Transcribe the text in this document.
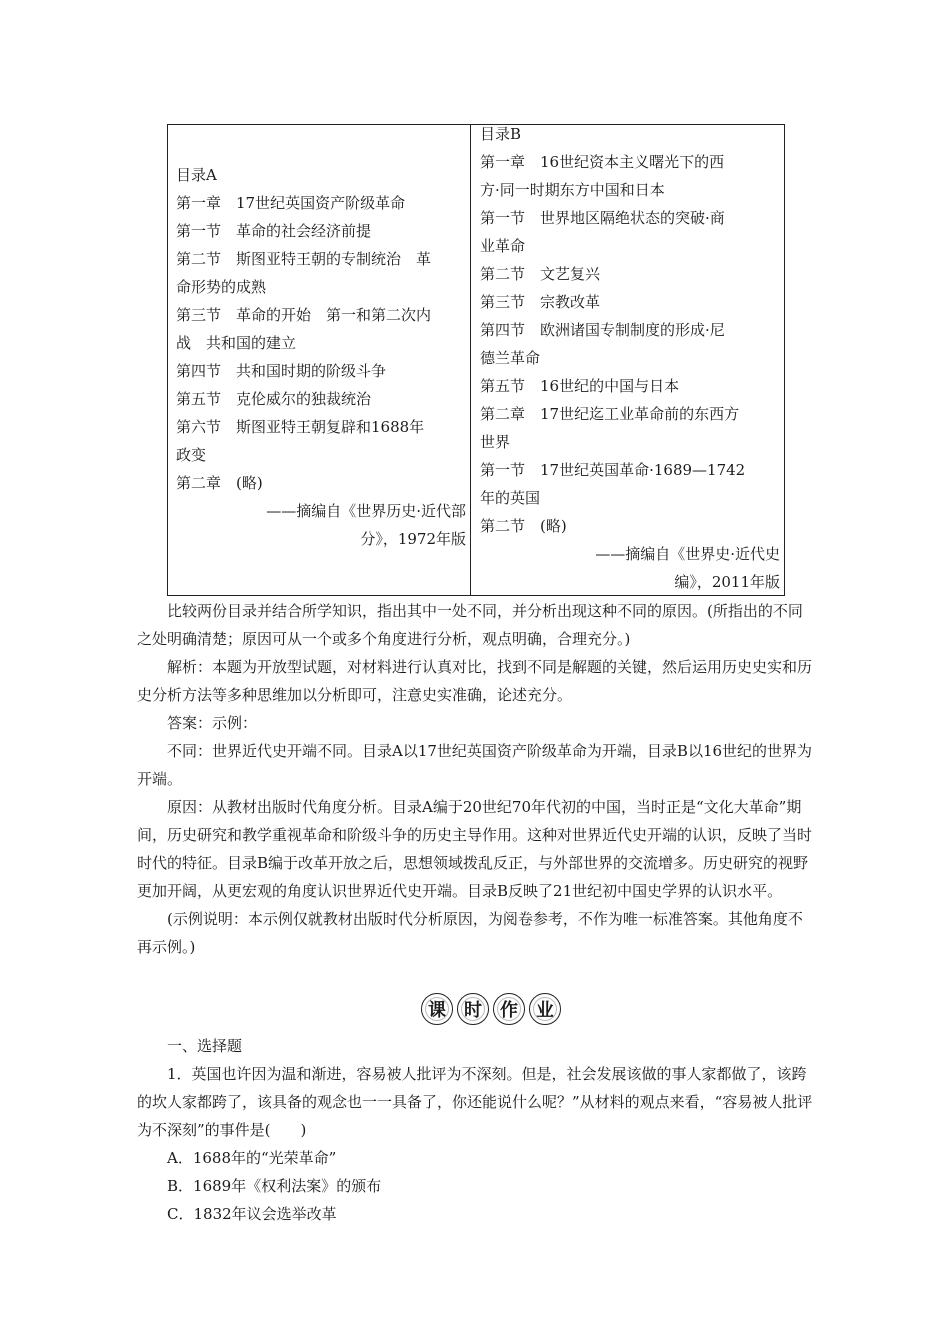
目录A
第一章　17世纪英国资产阶级革命
第一节　革命的社会经济前提
第二节　斯图亚特王朝的专制统治　革
命形势的成熟
第三节　革命的开始　第一和第二次内
战　共和国的建立
第四节　共和国时期的阶级斗争
第五节　克伦威尔的独裁统治
第六节　斯图亚特王朝复辟和1688年
政变
第二章　(略)
——摘编自《世界历史·近代部
分》，1972年版
目录B
第一章　16世纪资本主义曙光下的西
方·同一时期东方中国和日本
第一节　世界地区隔绝状态的突破·商
业革命
第二节　文艺复兴
第三节　宗教改革
第四节　欧洲诸国专制制度的形成·尼
德兰革命
第五节　16世纪的中国与日本
第二章　17世纪迄工业革命前的东西方
世界
第一节　17世纪英国革命·1689—1742
年的英国
第二节　(略)
——摘编自《世界史·近代史
编》，2011年版

比较两份目录并结合所学知识，指出其中一处不同，并分析出现这种不同的原因。(所指出的不同之处明确清楚；原因可从一个或多个角度进行分析，观点明确，合理充分。)

解析：本题为开放型试题，对材料进行认真对比，找到不同是解题的关键，然后运用历史史实和历史分析方法等多种思维加以分析即可，注意史实准确，论述充分。

答案：示例：

不同：世界近代史开端不同。目录A以17世纪英国资产阶级革命为开端，目录B以16世纪的世界为开端。

原因：从教材出版时代角度分析。目录A编于20世纪70年代初的中国，当时正是“文化大革命”期间，历史研究和教学重视革命和阶级斗争的历史主导作用。这种对世界近代史开端的认识，反映了当时时代的特征。目录B编于改革开放之后，思想领域拨乱反正，与外部世界的交流增多。历史研究的视野更加开阔，从更宏观的角度认识世界近代史开端。目录B反映了21世纪初中国史学界的认识水平。

(示例说明：本示例仅就教材出版时代分析原因，为阅卷参考，不作为唯一标准答案。其他角度不再示例。)

课	时	作	业

一、选择题

1．英国也许因为温和渐进，容易被人批评为不深刻。但是，社会发展该做的事人家都做了，该跨的坎人家都跨了，该具备的观念也一一具备了，你还能说什么呢？”从材料的观点来看，“容易被人批评为不深刻”的事件是(　　)

A．1688年的“光荣革命”

B．1689年《权利法案》的颁布

C．1832年议会选举改革
